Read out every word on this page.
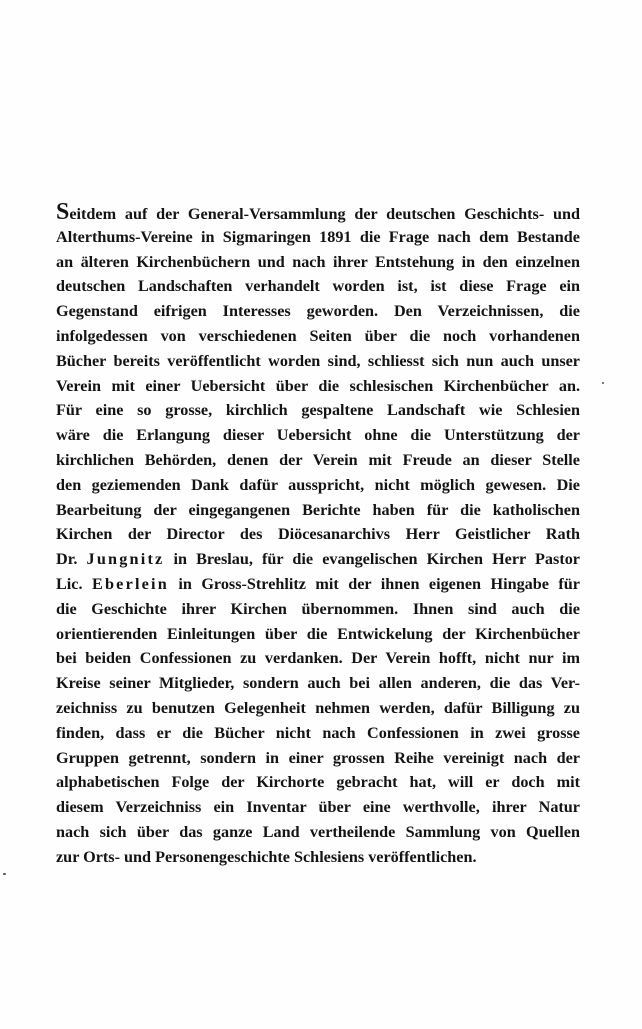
Seitdem auf der General-Versammlung der deutschen Geschichts- und
Alterthums-Vereine in Sigmaringen 1891 die Frage nach dem Bestande
an älteren Kirchenbüchern und nach ihrer Entstehung in den einzelnen
deutschen Landschaften verhandelt worden ist, ist diese Frage ein
Gegenstand eifrigen Interesses geworden. Den Verzeichnissen, die
infolgedessen von verschiedenen Seiten über die noch vorhandenen
Bücher bereits veröffentlicht worden sind, schliesst sich nun auch unser
Verein mit einer Uebersicht über die schlesischen Kirchenbücher an.
Für eine so grosse, kirchlich gespaltene Landschaft wie Schlesien
wäre die Erlangung dieser Uebersicht ohne die Unterstützung der
kirchlichen Behörden, denen der Verein mit Freude an dieser Stelle
den geziemenden Dank dafür ausspricht, nicht möglich gewesen. Die
Bearbeitung der eingegangenen Berichte haben für die katholischen
Kirchen der Director des Diöcesanarchivs Herr Geistlicher Rath
Dr. Jungnitz in Breslau, für die evangelischen Kirchen Herr Pastor
Lic. Eberlein in Gross-Strehlitz mit der ihnen eigenen Hingabe für
die Geschichte ihrer Kirchen übernommen. Ihnen sind auch die
orientierenden Einleitungen über die Entwickelung der Kirchenbücher
bei beiden Confessionen zu verdanken. Der Verein hofft, nicht nur im
Kreise seiner Mitglieder, sondern auch bei allen anderen, die das Ver-
zeichniss zu benutzen Gelegenheit nehmen werden, dafür Billigung zu
finden, dass er die Bücher nicht nach Confessionen in zwei grosse
Gruppen getrennt, sondern in einer grossen Reihe vereinigt nach der
alphabetischen Folge der Kirchorte gebracht hat, will er doch mit
diesem Verzeichniss ein Inventar über eine werthvolle, ihrer Natur
nach sich über das ganze Land vertheilende Sammlung von Quellen
zur Orts- und Personengeschichte Schlesiens veröffentlichen.
